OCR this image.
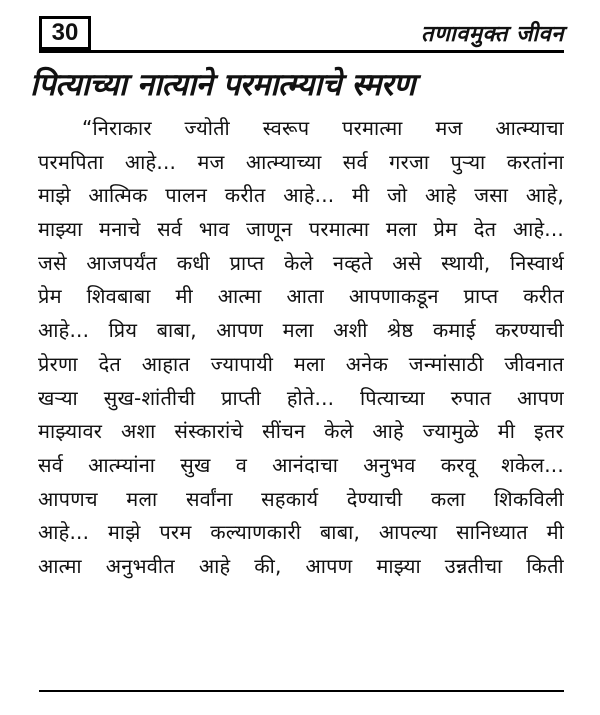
30	तणावमुक्त जीवन
पित्याच्या नात्याने परमात्म्याचे स्मरण
“निराकार ज्योती स्वरूप परमात्मा मज आत्म्याचा
परमपिता आहे... मज आत्म्याच्या सर्व गरजा पुऱ्या करतांना
माझे आत्मिक पालन करीत आहे... मी जो आहे जसा आहे,
माझ्या मनाचे सर्व भाव जाणून परमात्मा मला प्रेम देत आहे...
जसे आजपर्यंत कधी प्राप्त केले नव्हते असे स्थायी, निस्वार्थ
प्रेम शिवबाबा मी आत्मा आता आपणाकडून प्राप्त करीत
आहे... प्रिय बाबा, आपण मला अशी श्रेष्ठ कमाई करण्याची
प्रेरणा देत आहात ज्यापायी मला अनेक जन्मांसाठी जीवनात
खऱ्या सुख-शांतीची प्राप्ती होते... पित्याच्या रुपात आपण
माझ्यावर अशा संस्कारांचे सींचन केले आहे ज्यामुळे मी इतर
सर्व आत्म्यांना सुख व आनंदाचा अनुभव करवू शकेल...
आपणच मला सर्वांना सहकार्य देण्याची कला शिकविली
आहे... माझे परम कल्याणकारी बाबा, आपल्या सानिध्यात मी
आत्मा अनुभवीत आहे की, आपण माझ्या उन्नतीचा किती
